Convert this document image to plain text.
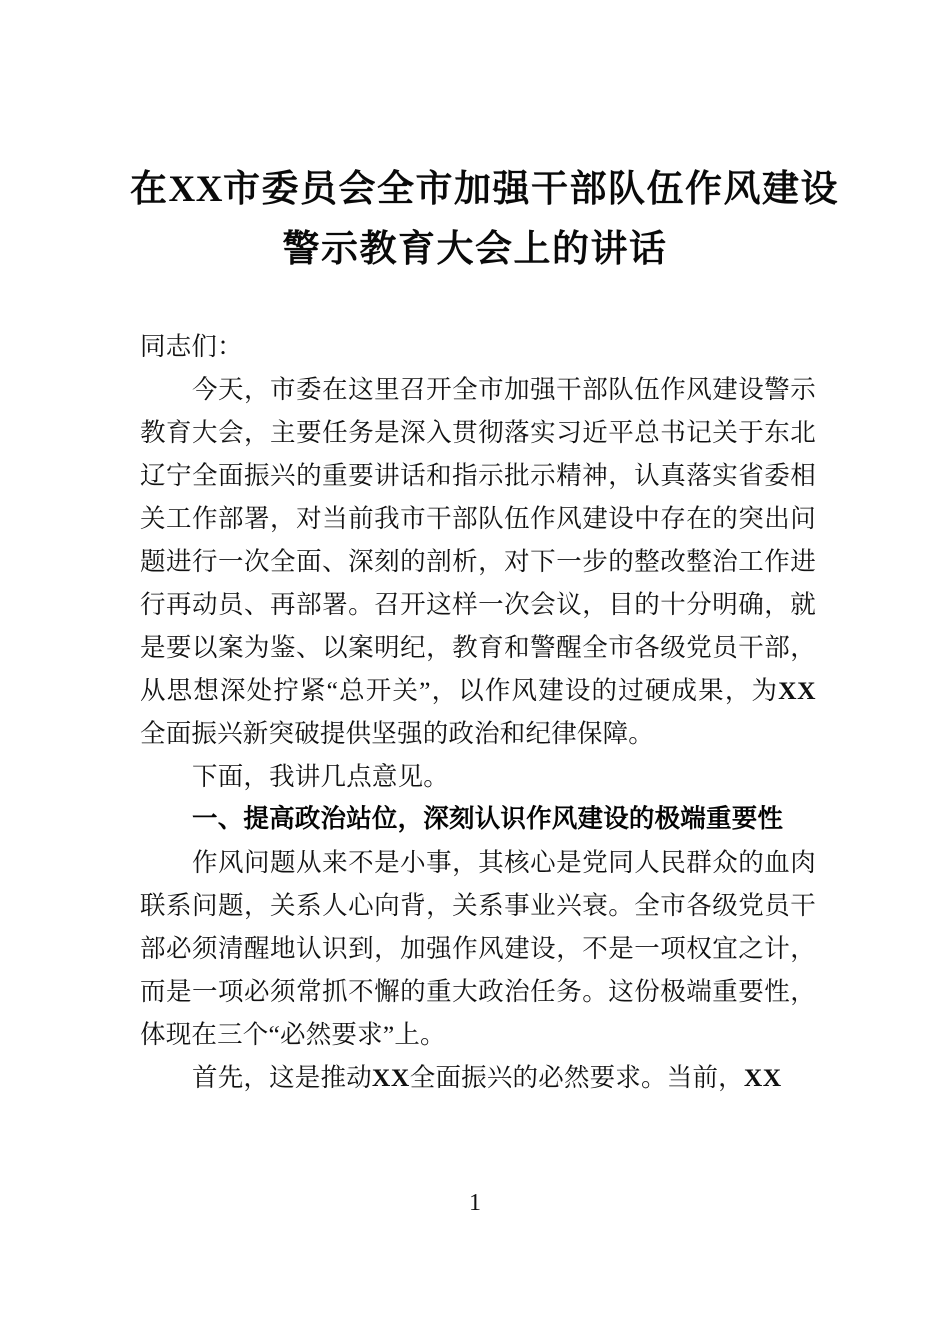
在XX市委员会全市加强干部队伍作风建设
警示教育大会上的讲话

同志们：

今天，市委在这里召开全市加强干部队伍作风建设警示教育大会，主要任务是深入贯彻落实习近平总书记关于东北辽宁全面振兴的重要讲话和指示批示精神，认真落实省委相关工作部署，对当前我市干部队伍作风建设中存在的突出问题进行一次全面、深刻的剖析，对下一步的整改整治工作进行再动员、再部署。召开这样一次会议，目的十分明确，就是要以案为鉴、以案明纪，教育和警醒全市各级党员干部，从思想深处拧紧“总开关”，以作风建设的过硬成果，为XX全面振兴新突破提供坚强的政治和纪律保障。

下面，我讲几点意见。

一、提高政治站位，深刻认识作风建设的极端重要性

作风问题从来不是小事，其核心是党同人民群众的血肉联系问题，关系人心向背，关系事业兴衰。全市各级党员干部必须清醒地认识到，加强作风建设，不是一项权宜之计，而是一项必须常抓不懈的重大政治任务。这份极端重要性，体现在三个“必然要求”上。

首先，这是推动XX全面振兴的必然要求。当前，XX

1
